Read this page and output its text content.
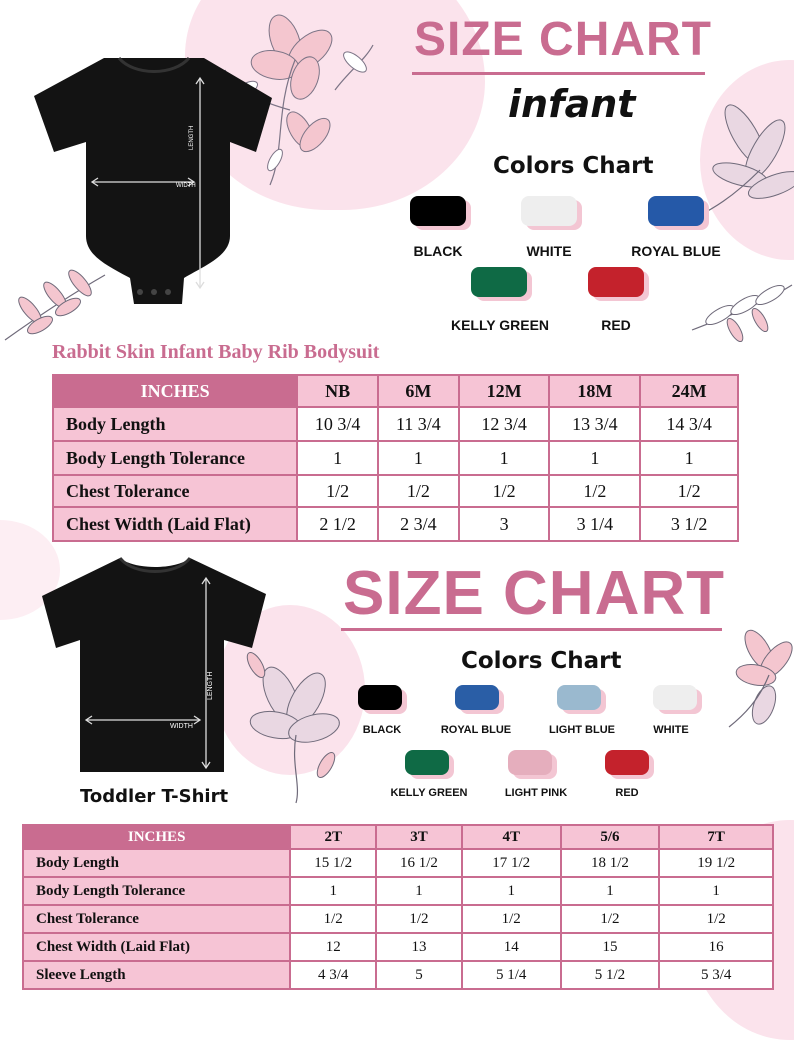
SIZE CHART
infant
Colors Chart
BLACK	WHITE	ROYAL BLUE
KELLY GREEN	RED
WIDTH
LENGTH
Rabbit Skin Infant Baby Rib Bodysuit
INCHES	NB	6M	12M	18M	24M
Body Length	10 3/4	11 3/4	12 3/4	13 3/4	14 3/4
Body Length Tolerance	1	1	1	1	1
Chest Tolerance	1/2	1/2	1/2	1/2	1/2
Chest Width (Laid Flat)	2 1/2	2 3/4	3	3 1/4	3 1/2
SIZE CHART
Colors Chart
BLACK	ROYAL BLUE	LIGHT BLUE	WHITE
KELLY GREEN	LIGHT PINK	RED
WIDTH
LENGTH
Toddler T-Shirt
INCHES	2T	3T	4T	5/6	7T
Body Length	15 1/2	16 1/2	17 1/2	18 1/2	19 1/2
Body Length Tolerance	1	1	1	1	1
Chest Tolerance	1/2	1/2	1/2	1/2	1/2
Chest Width (Laid Flat)	12	13	14	15	16
Sleeve Length	4 3/4	5	5 1/4	5 1/2	5 3/4
